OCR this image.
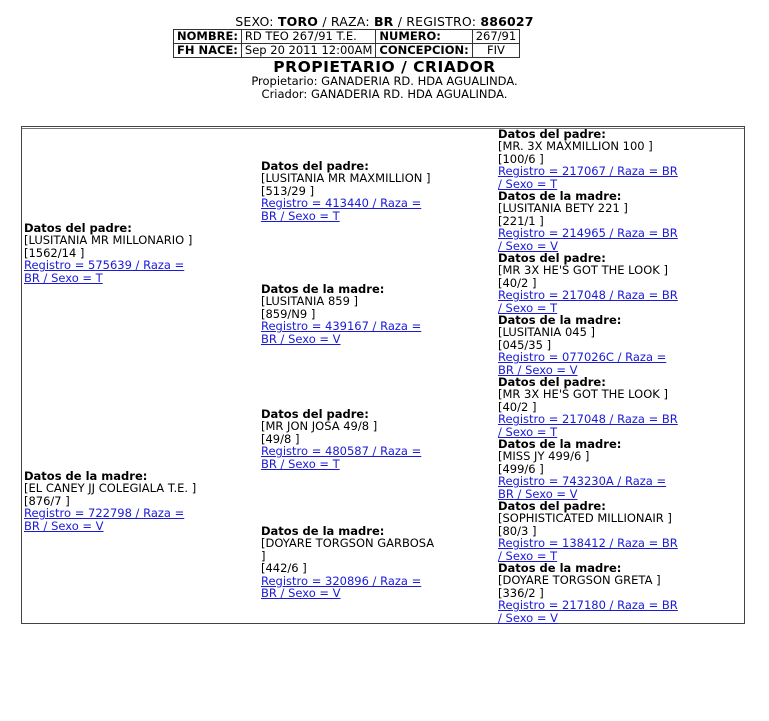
SEXO: TORO / RAZA: BR / REGISTRO: 886027
NOMBRE:	RD TEO 267/91 T.E.	NUMERO:	267/91
FH NACE:	Sep 20 2011 12:00AM	CONCEPCION:	FIV
PROPIETARIO / CRIADOR
Propietario: GANADERIA RD. HDA AGUALINDA.
Criador: GANADERIA RD. HDA AGUALINDA.
Datos del padre:
[LUSITANIA MR MILLONARIO ]
[1562/14 ]
Registro = 575639 / Raza =
BR / Sexo = T
Datos de la madre:
[EL CANEY JJ COLEGIALA T.E. ]
[876/7 ]
Registro = 722798 / Raza =
BR / Sexo = V
Datos del padre:
[LUSITANIA MR MAXMILLION ]
[513/29 ]
Registro = 413440 / Raza =
BR / Sexo = T
Datos de la madre:
[LUSITANIA 859 ]
[859/N9 ]
Registro = 439167 / Raza =
BR / Sexo = V
Datos del padre:
[MR JON JOSA 49/8 ]
[49/8 ]
Registro = 480587 / Raza =
BR / Sexo = T
Datos de la madre:
[DOYARE TORGSON GARBOSA
]
[442/6 ]
Registro = 320896 / Raza =
BR / Sexo = V
Datos del padre:
[MR. 3X MAXMILLION 100 ]
[100/6 ]
Registro = 217067 / Raza = BR
/ Sexo = T
Datos de la madre:
[LUSITANIA BETY 221 ]
[221/1 ]
Registro = 214965 / Raza = BR
/ Sexo = V
Datos del padre:
[MR 3X HE'S GOT THE LOOK ]
[40/2 ]
Registro = 217048 / Raza = BR
/ Sexo = T
Datos de la madre:
[LUSITANIA 045 ]
[045/35 ]
Registro = 077026C / Raza =
BR / Sexo = V
Datos del padre:
[MR 3X HE'S GOT THE LOOK ]
[40/2 ]
Registro = 217048 / Raza = BR
/ Sexo = T
Datos de la madre:
[MISS JY 499/6 ]
[499/6 ]
Registro = 743230A / Raza =
BR / Sexo = V
Datos del padre:
[SOPHISTICATED MILLIONAIR ]
[80/3 ]
Registro = 138412 / Raza = BR
/ Sexo = T
Datos de la madre:
[DOYARE TORGSON GRETA ]
[336/2 ]
Registro = 217180 / Raza = BR
/ Sexo = V
